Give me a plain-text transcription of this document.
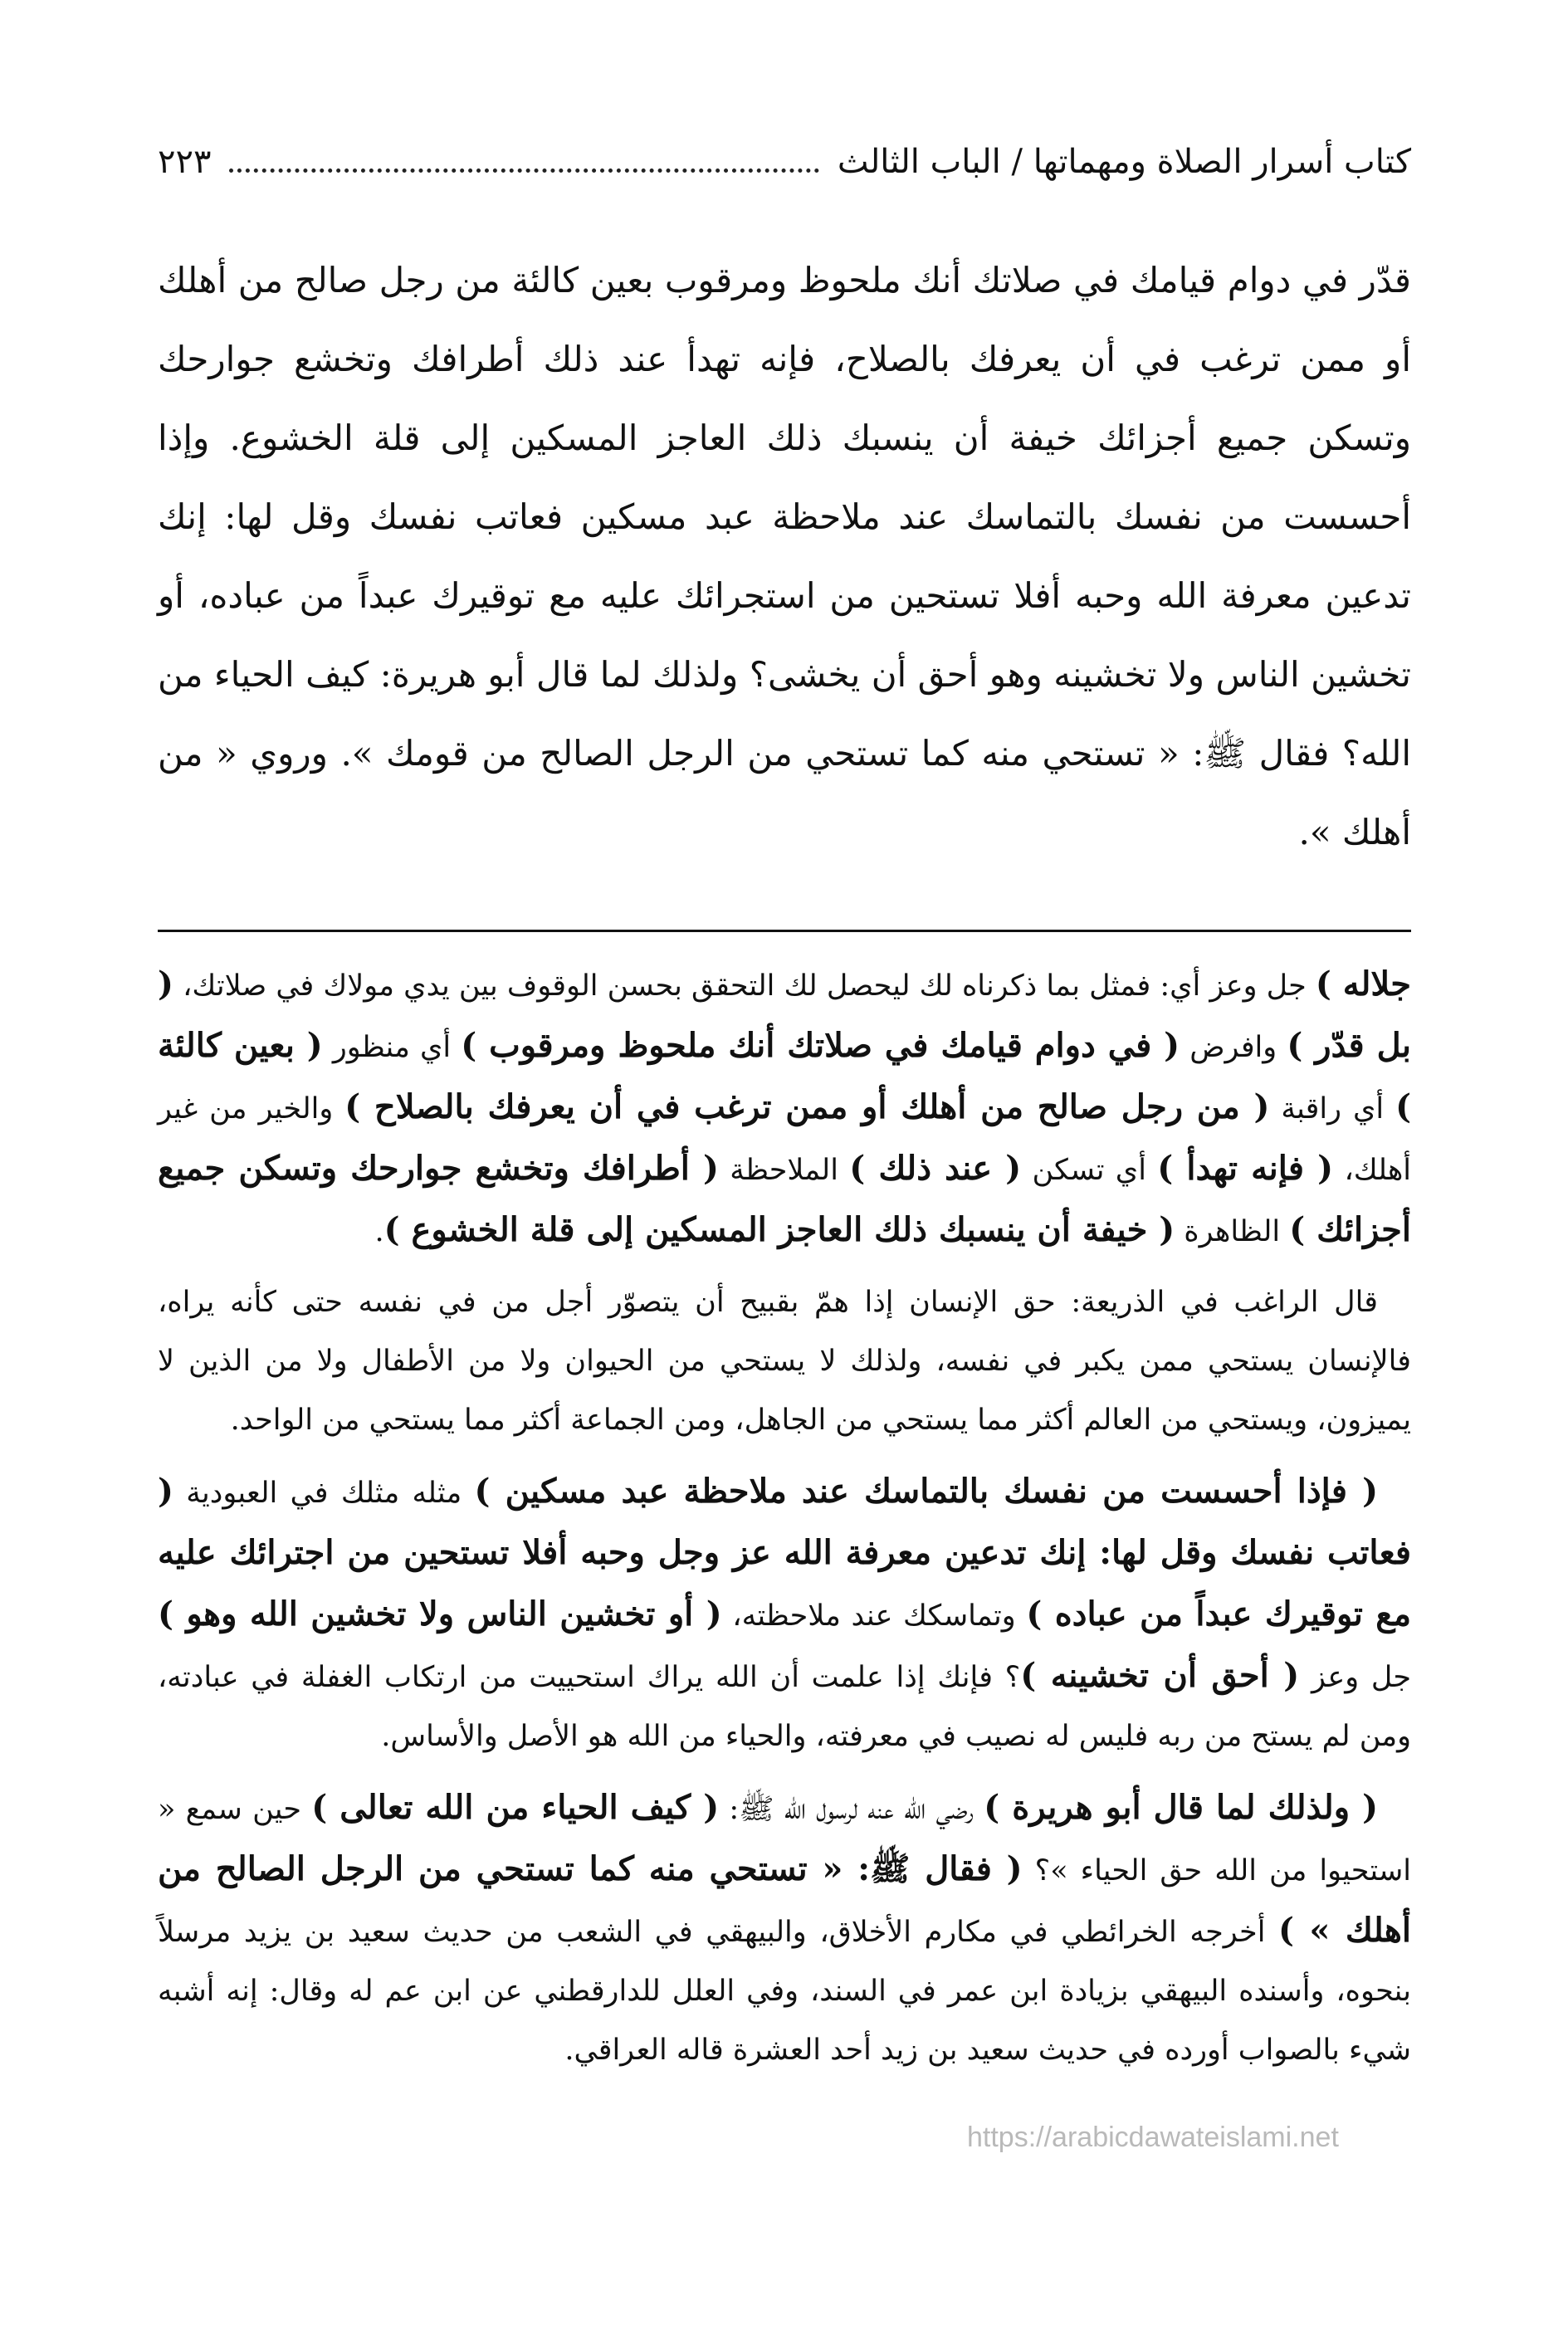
كتاب أسرار الصلاة ومهماتها / الباب الثالث
٢٢٣
قدّر في دوام قيامك في صلاتك أنك ملحوظ ومرقوب بعين كالئة من رجل صالح من أهلك أو ممن ترغب في أن يعرفك بالصلاح، فإنه تهدأ عند ذلك أطرافك وتخشع جوارحك وتسكن جميع أجزائك خيفة أن ينسبك ذلك العاجز المسكين إلى قلة الخشوع. وإذا أحسست من نفسك بالتماسك عند ملاحظة عبد مسكين فعاتب نفسك وقل لها: إنك تدعين معرفة الله وحبه أفلا تستحين من استجرائك عليه مع توقيرك عبداً من عباده، أو تخشين الناس ولا تخشينه وهو أحق أن يخشى؟ ولذلك لما قال أبو هريرة: كيف الحياء من الله؟ فقال ﷺ: « تستحي منه كما تستحي من الرجل الصالح من قومك ». وروي « من أهلك ».

جلاله ) جل وعز أي: فمثل بما ذكرناه لك ليحصل لك التحقق بحسن الوقوف بين يدي مولاك في صلاتك، ( بل قدّر ) وافرض ( في دوام قيامك في صلاتك أنك ملحوظ ومرقوب ) أي منظور ( بعين كالئة ) أي راقبة ( من رجل صالح من أهلك أو ممن ترغب في أن يعرفك بالصلاح ) والخير من غير أهلك، ( فإنه تهدأ ) أي تسكن ( عند ذلك ) الملاحظة ( أطرافك وتخشع جوارحك وتسكن جميع أجزائك ) الظاهرة ( خيفة أن ينسبك ذلك العاجز المسكين إلى قلة الخشوع ).

قال الراغب في الذريعة: حق الإنسان إذا همّ بقبيح أن يتصوّر أجل من في نفسه حتى كأنه يراه، فالإنسان يستحي ممن يكبر في نفسه، ولذلك لا يستحي من الحيوان ولا من الأطفال ولا من الذين لا يميزون، ويستحي من العالم أكثر مما يستحي من الجاهل، ومن الجماعة أكثر مما يستحي من الواحد.

( فإذا أحسست من نفسك بالتماسك عند ملاحظة عبد مسكين ) مثله مثلك في العبودية ( فعاتب نفسك وقل لها: إنك تدعين معرفة الله عز وجل وحبه أفلا تستحين من اجترائك عليه مع توقيرك عبداً من عباده ) وتماسكك عند ملاحظته، ( أو تخشين الناس ولا تخشين الله وهو ) جل وعز ( أحق أن تخشينه )؟ فإنك إذا علمت أن الله يراك استحييت من ارتكاب الغفلة في عبادته، ومن لم يستح من ربه فليس له نصيب في معرفته، والحياء من الله هو الأصل والأساس.

( ولذلك لما قال أبو هريرة ) رضي الله عنه لرسول الله ﷺ: ( كيف الحياء من الله تعالى ) حين سمع « استحيوا من الله حق الحياء »؟ ( فقال ﷺ: « تستحي منه كما تستحي من الرجل الصالح من أهلك » ) أخرجه الخرائطي في مكارم الأخلاق، والبيهقي في الشعب من حديث سعيد بن يزيد مرسلاً بنحوه، وأسنده البيهقي بزيادة ابن عمر في السند، وفي العلل للدارقطني عن ابن عم له وقال: إنه أشبه شيء بالصواب أورده في حديث سعيد بن زيد أحد العشرة قاله العراقي.

https://arabicdawateislami.net
